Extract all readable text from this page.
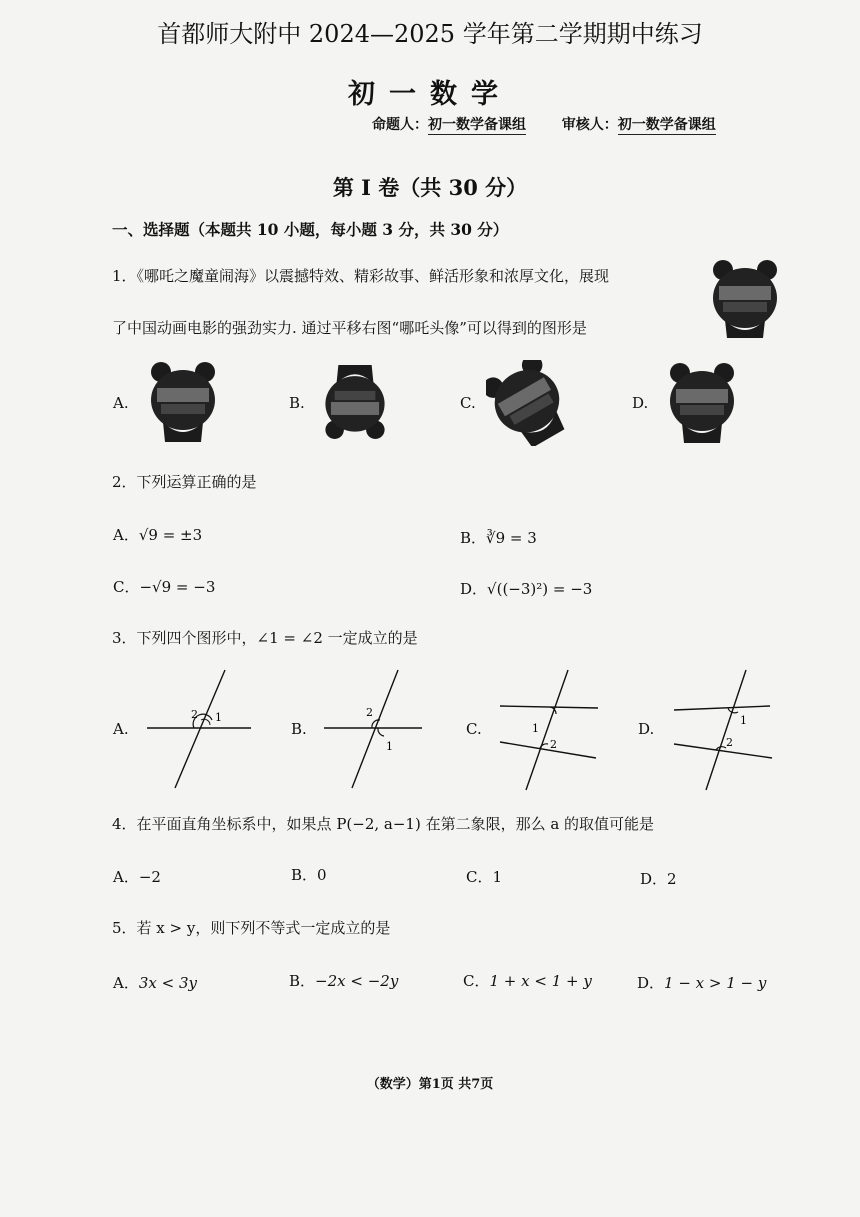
首都师大附中 2024—2025 学年第二学期期中练习
初一数学
命题人：初一数学备课组	审核人：初一数学备课组
第 I 卷（共 30 分）
一、选择题（本题共 10 小题，每小题 3 分，共 30 分）
1．《哪吒之魔童闹海》以震撼特效、精彩故事、鲜活形象和浓厚文化，展现
了中国动画电影的强劲实力. 通过平移右图“哪吒头像”可以得到的图形是
A.	B.	C.	D.
2．下列运算正确的是
A．√9 = ±3	B．∛9 = 3
C．−√9 = −3	D．√((−3)²) = −3
3．下列四个图形中，∠1 = ∠2 一定成立的是
A.
2 1
B.
2
1
C.	1
2
D.	1
2
4．在平面直角坐标系中，如果点 P(−2, a−1) 在第二象限，那么 a 的取值可能是
A．−2	B．0	C．1	D．2
5．若 x > y，则下列不等式一定成立的是
A．3x < 3y	B．−2x < −2y	C．1 + x < 1 + y	D．1 − x > 1 − y
（数学）第1页 共7页
